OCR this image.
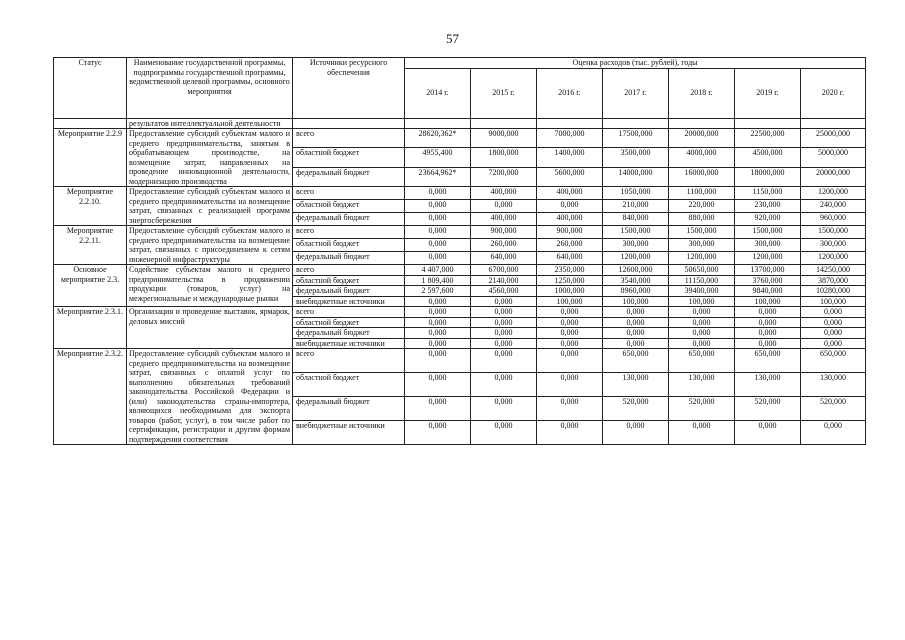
57
Статус	Наименование государственной программы, подпрограммы государственной программы, ведомственной целевой программы, основного мероприятия	Источники ресурсного обеспечения	Оценка расходов (тыс. рублей), годы						
			2014 г.	2015 г.	2016 г.	2017 г.	2018 г.	2019 г.	2020 г.
	результатов интеллектуальной деятельности								
Мероприятие 2.2.9	Предоставление субсидий субъектам малого и среднего предпринимательства, занятым в обрабатывающем производстве, на возмещение затрат, направленных на проведение инновационной деятельности, модернизацию производства	всего	28620,362*	9000,000	7000,000	17500,000	20000,000	22500,000	25000,000
		областной бюджет	4955,400	1800,000	1400,000	3500,000	4000,000	4500,000	5000,000
		федеральный бюджет	23664,962*	7200,000	5600,000	14000,000	16000,000	18000,000	20000,000
Мероприятие 2.2.10.	Предоставление субсидий субъектам малого и среднего предпринимательства на возмещение затрат, связанных с реализацией программ энергосбережения	всего	0,000	400,000	400,000	1050,000	1100,000	1150,000	1200,000
		областной бюджет	0,000	0,000	0,000	210,000	220,000	230,000	240,000
		федеральный бюджет	0,000	400,000	400,000	840,000	880,000	920,000	960,000
Мероприятие 2.2.11.	Предоставление субсидий субъектам малого и среднего предпринимательства на возмещение затрат, связанных с присоединением к сетям инженерной инфраструктуры	всего	0,000	900,000	900,000	1500,000	1500,000	1500,000	1500,000
		областной бюджет	0,000	260,000	260,000	300,000	300,000	300,000	300,000
		федеральный бюджет	0,000	640,000	640,000	1200,000	1200,000	1200,000	1200,000
Основное мероприятие 2.3.	Содействие субъектам малого и среднего предпринимательства в продвижении продукции (товаров, услуг) на межрегиональные и международные рынки	всего	4 407,000	6700,000	2350,000	12600,000	50650,000	13700,000	14250,000
		областной бюджет	1 809,400	2140,000	1250,000	3540,000	11150,000	3760,000	3870,000
		федеральный бюджет	2 597,600	4560,000	1000,000	8960,000	39400,000	9840,000	10280,000
		внебюджетные источники	0,000	0,000	100,000	100,000	100,000	100,000	100,000
Мероприятие 2.3.1.	Организация и проведение выставок, ярмарок, деловых миссий	всего	0,000	0,000	0,000	0,000	0,000	0,000	0,000
		областной бюджет	0,000	0,000	0,000	0,000	0,000	0,000	0,000
		федеральный бюджет	0,000	0,000	0,000	0,000	0,000	0,000	0,000
		внебюджетные источники	0,000	0,000	0,000	0,000	0,000	0,000	0,000
Мероприятие 2.3.2.	Предоставление субсидий субъектам малого и среднего предпринимательства на возмещение затрат, связанных с оплатой услуг по выполнению обязательных требований законодательства Российской Федерации и (или) законодательства страны-импортера, являющихся необходимыми для экспорта товаров (работ, услуг), в том числе работ по сертификации, регистрации и другим формам подтверждения соответствия	всего	0,000	0,000	0,000	650,000	650,000	650,000	650,000
		областной бюджет	0,000	0,000	0,000	130,000	130,000	130,000	130,000
		федеральный бюджет	0,000	0,000	0,000	520,000	520,000	520,000	520,000
		внебюджетные источники	0,000	0,000	0,000	0,000	0,000	0,000	0,000
